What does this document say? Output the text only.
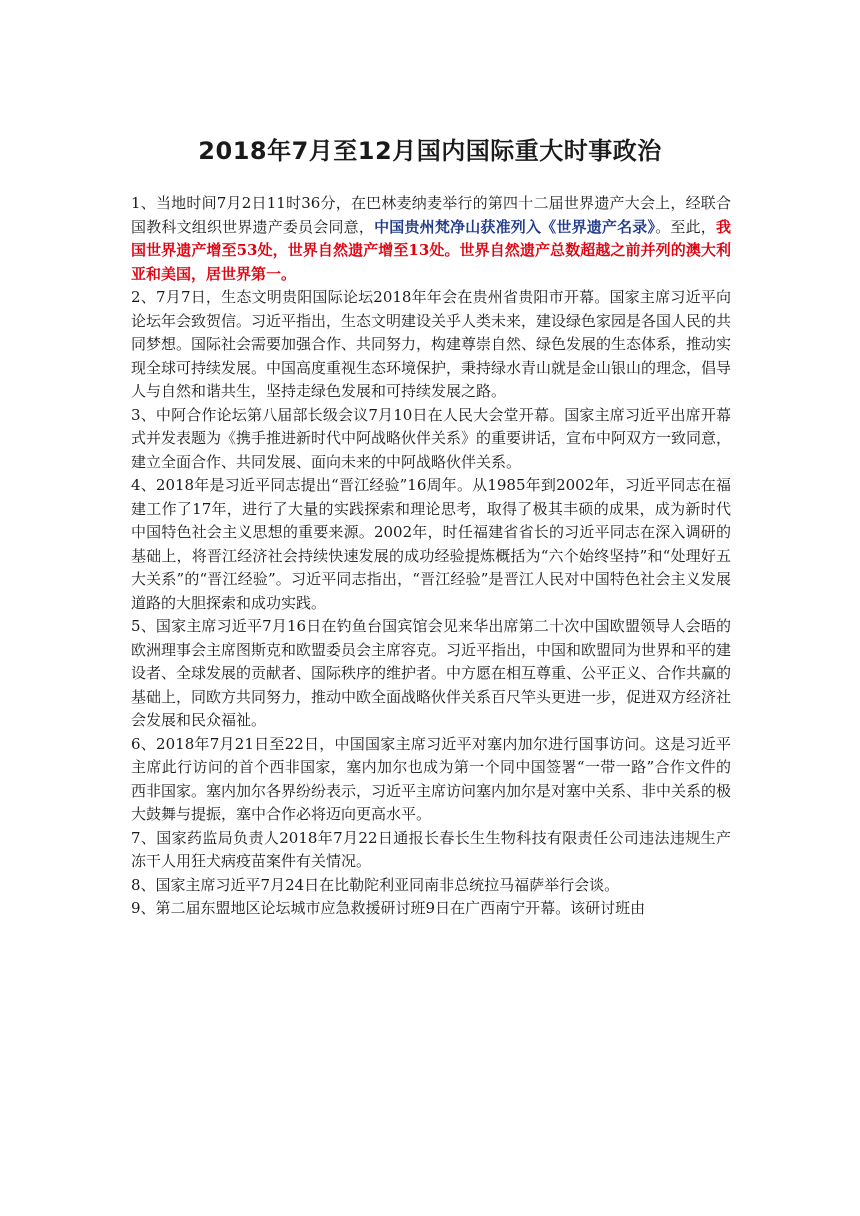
2018年7月至12月国内国际重大时事政治

1、当地时间7月2日11时36分，在巴林麦纳麦举行的第四十二届世界遗产大会上，经联合国教科文组织世界遗产委员会同意，中国贵州梵净山获准列入《世界遗产名录》。至此，我国世界遗产增至53处，世界自然遗产增至13处。世界自然遗产总数超越之前并列的澳大利亚和美国，居世界第一。

2、7月7日，生态文明贵阳国际论坛2018年年会在贵州省贵阳市开幕。国家主席习近平向论坛年会致贺信。习近平指出，生态文明建设关乎人类未来，建设绿色家园是各国人民的共同梦想。国际社会需要加强合作、共同努力，构建尊崇自然、绿色发展的生态体系，推动实现全球可持续发展。中国高度重视生态环境保护，秉持绿水青山就是金山银山的理念，倡导人与自然和谐共生，坚持走绿色发展和可持续发展之路。

3、中阿合作论坛第八届部长级会议7月10日在人民大会堂开幕。国家主席习近平出席开幕式并发表题为《携手推进新时代中阿战略伙伴关系》的重要讲话，宣布中阿双方一致同意，建立全面合作、共同发展、面向未来的中阿战略伙伴关系。

4、2018年是习近平同志提出“晋江经验”16周年。从1985年到2002年，习近平同志在福建工作了17年，进行了大量的实践探索和理论思考，取得了极其丰硕的成果，成为新时代中国特色社会主义思想的重要来源。2002年，时任福建省省长的习近平同志在深入调研的基础上，将晋江经济社会持续快速发展的成功经验提炼概括为“六个始终坚持”和“处理好五大关系”的“晋江经验”。习近平同志指出，“晋江经验”是晋江人民对中国特色社会主义发展道路的大胆探索和成功实践。

5、国家主席习近平7月16日在钓鱼台国宾馆会见来华出席第二十次中国欧盟领导人会晤的欧洲理事会主席图斯克和欧盟委员会主席容克。习近平指出，中国和欧盟同为世界和平的建设者、全球发展的贡献者、国际秩序的维护者。中方愿在相互尊重、公平正义、合作共赢的基础上，同欧方共同努力，推动中欧全面战略伙伴关系百尺竿头更进一步，促进双方经济社会发展和民众福祉。

6、2018年7月21日至22日，中国国家主席习近平对塞内加尔进行国事访问。这是习近平主席此行访问的首个西非国家，塞内加尔也成为第一个同中国签署“一带一路”合作文件的西非国家。塞内加尔各界纷纷表示，习近平主席访问塞内加尔是对塞中关系、非中关系的极大鼓舞与提振，塞中合作必将迈向更高水平。

7、国家药监局负责人2018年7月22日通报长春长生生物科技有限责任公司违法违规生产冻干人用狂犬病疫苗案件有关情况。

8、国家主席习近平7月24日在比勒陀利亚同南非总统拉马福萨举行会谈。

9、第二届东盟地区论坛城市应急救援研讨班9日在广西南宁开幕。该研讨班由
